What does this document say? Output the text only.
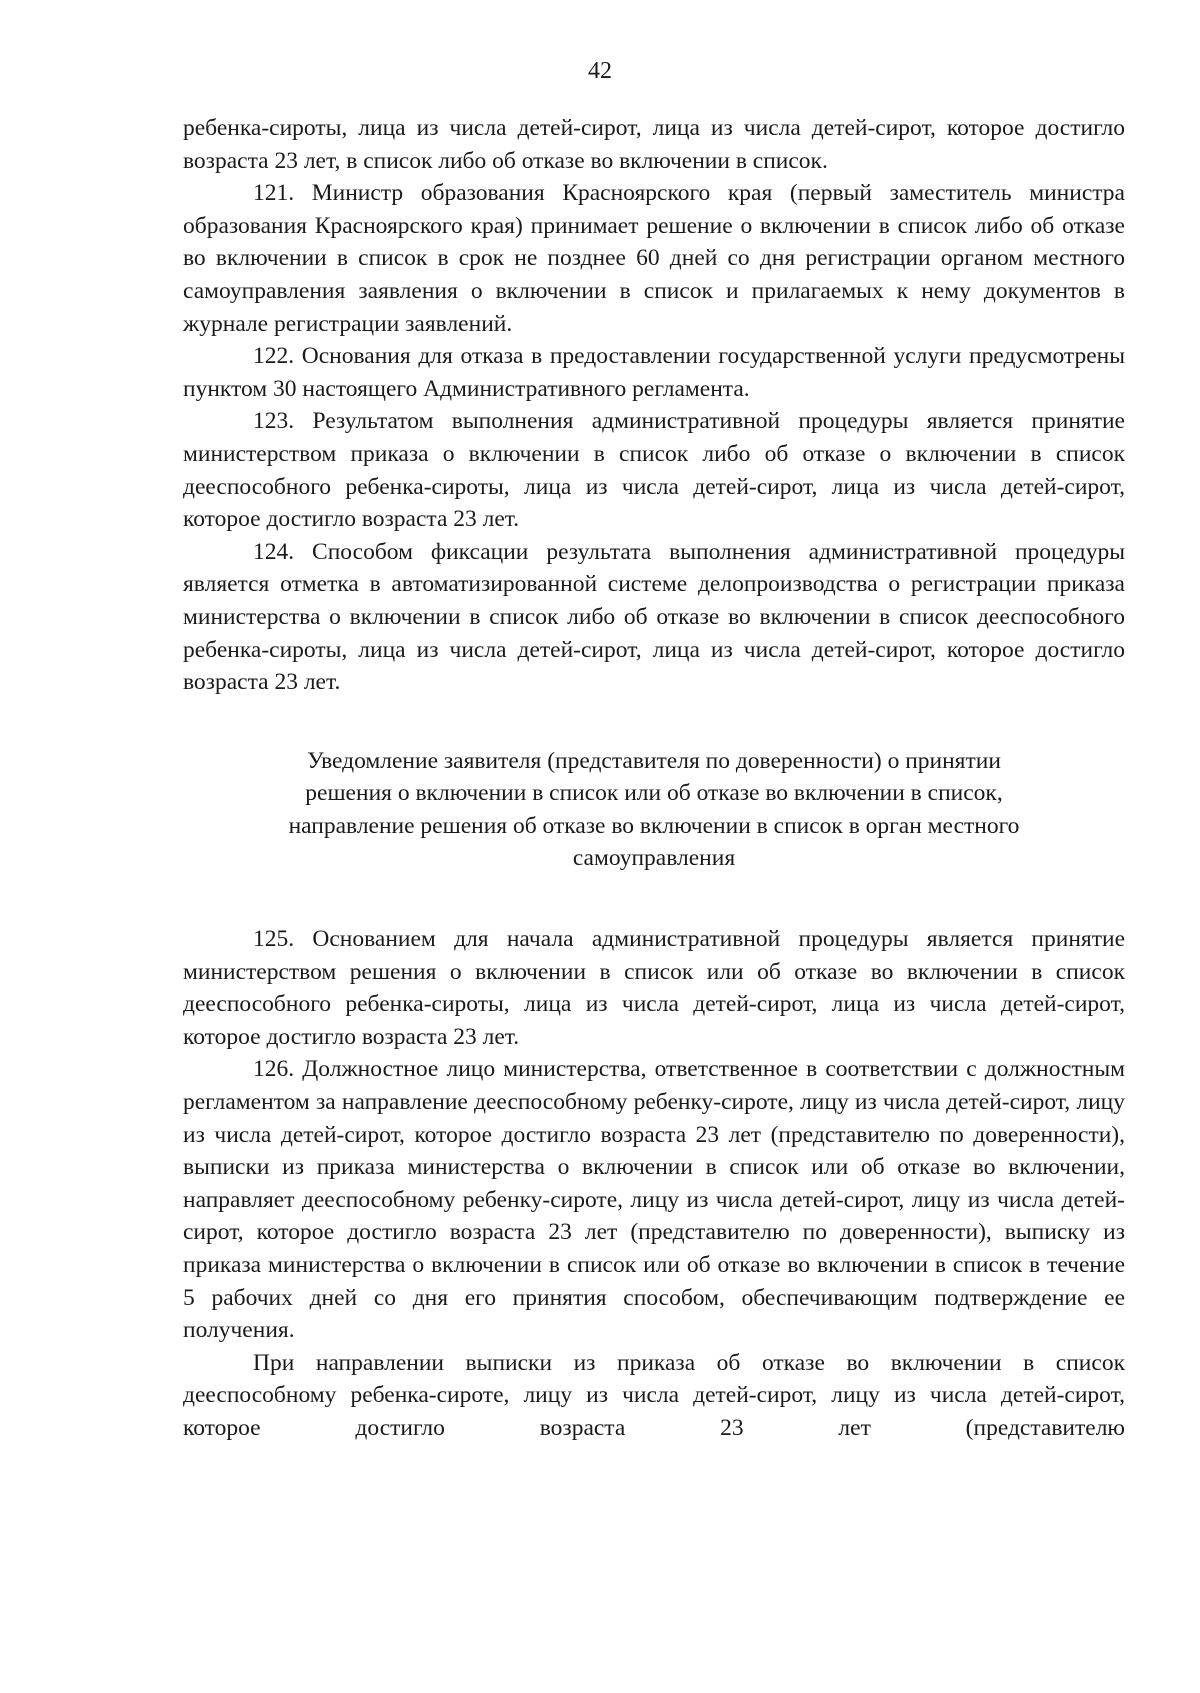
42

ребенка-сироты, лица из числа детей-сирот, лица из числа детей-сирот, которое достигло возраста 23 лет, в список либо об отказе во включении в список.

121. Министр образования Красноярского края (первый заместитель министра образования Красноярского края) принимает решение о включении в список либо об отказе во включении в список в срок не позднее 60 дней со дня регистрации органом местного самоуправления заявления о включении в список и прилагаемых к нему документов в журнале регистрации заявлений.

122. Основания для отказа в предоставлении государственной услуги предусмотрены пунктом 30 настоящего Административного регламента.

123. Результатом выполнения административной процедуры является принятие министерством приказа о включении в список либо об отказе о включении в список дееспособного ребенка-сироты, лица из числа детей-сирот, лица из числа детей-сирот, которое достигло возраста 23 лет.

124. Способом фиксации результата выполнения административной процедуры является отметка в автоматизированной системе делопроизводства о регистрации приказа министерства о включении в список либо об отказе во включении в список дееспособного ребенка-сироты, лица из числа детей-сирот, лица из числа детей-сирот, которое достигло возраста 23 лет.

Уведомление заявителя (представителя по доверенности) о принятии
решения о включении в список или об отказе во включении в список,
направление решения об отказе во включении в список в орган местного
самоуправления

125. Основанием для начала административной процедуры является принятие министерством решения о включении в список или об отказе во включении в список дееспособного ребенка-сироты, лица из числа детей-сирот, лица из числа детей-сирот, которое достигло возраста 23 лет.

126. Должностное лицо министерства, ответственное в соответствии с должностным регламентом за направление дееспособному ребенку-сироте, лицу из числа детей-сирот, лицу из числа детей-сирот, которое достигло возраста 23 лет (представителю по доверенности), выписки из приказа министерства о включении в список или об отказе во включении, направляет дееспособному ребенку-сироте, лицу из числа детей-сирот, лицу из числа детей-сирот, которое достигло возраста 23 лет (представителю по доверенности), выписку из приказа министерства о включении в список или об отказе во включении в список в течение 5 рабочих дней со дня его принятия способом, обеспечивающим подтверждение ее получения.

При направлении выписки из приказа об отказе во включении в список дееспособному ребенка-сироте, лицу из числа детей-сирот, лицу из числа детей-сирот, которое достигло возраста 23 лет (представителю
